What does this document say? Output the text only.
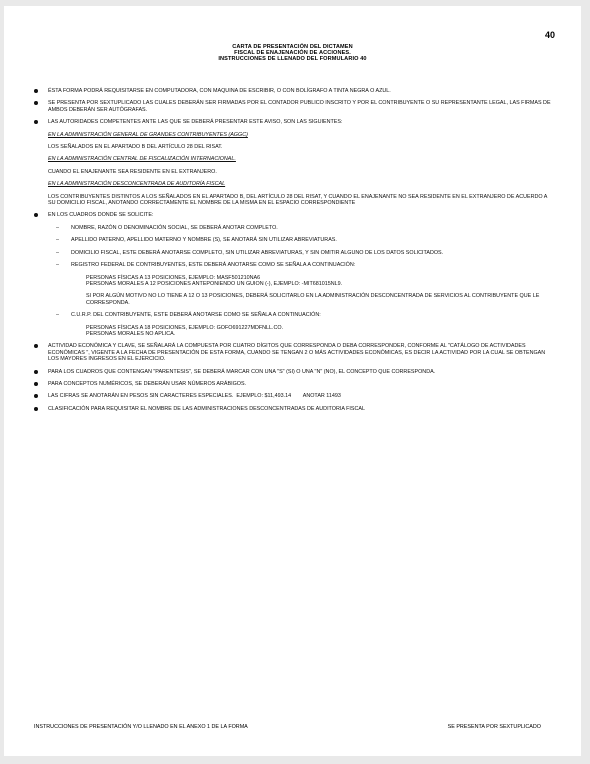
40
CARTA DE PRESENTACIÓN DEL DICTAMEN
FISCAL DE ENAJENACIÓN DE ACCIONES.
INSTRUCCIONES DE LLENADO DEL FORMULARIO 40
ÉSTA FORMA PODRÁ REQUISITARSE EN COMPUTADORA, CON MAQUINA DE ESCRIBIR, O CON BOLÍGRAFO A TINTA NEGRA O AZUL.
SE PRESENTA POR SEXTUPLICADO LAS CUALES DEBERÁN SER FIRMADAS POR EL CONTADOR PUBLICO INSCRITO Y POR EL CONTRIBUYENTE O SU REPRESENTANTE LEGAL, LAS FIRMAS DE AMBOS DEBERÁN SER AUTÓGRAFAS.
LAS AUTORIDADES COMPETENTES ANTE LAS QUE SE DEBERÁ PRESENTAR ESTE AVISO, SON LAS SIGUIENTES:
EN LA ADMINISTRACIÓN GENERAL DE GRANDES CONTRIBUYENTES (AGGC)
LOS SEÑALADOS EN EL APARTADO B DEL ARTÍCULO 28 DEL RISAT.
EN LA ADMINISTRACIÓN CENTRAL DE FISCALIZACIÓN INTERNACIONAL.
CUANDO EL ENAJENANTE SEA RESIDENTE EN EL EXTRANJERO.
EN LA ADMINISTRACIÓN DESCONCENTRADA DE AUDITORÍA FISCAL
LOS CONTRIBUYENTES DISTINTOS A LOS SEÑALADOS EN EL APARTADO B, DEL ARTÍCULO 28 DEL RISAT, Y CUANDO EL ENAJENANTE NO SEA RESIDENTE EN EL EXTRANJERO DE ACUERDO A SU DOMICILIO FISCAL, ANOTANDO CORRECTAMENTE EL NOMBRE DE LA MISMA EN EL ESPACIO CORRESPONDIENTE
EN LOS CUADROS DONDE SE SOLICITE:
– NOMBRE, RAZÓN O DENOMINACIÓN SOCIAL, SE DEBERÁ ANOTAR COMPLETO.
– APELLIDO PATERNO, APELLIDO MATERNO Y NOMBRE (S), SE ANOTARÁ SIN UTILIZAR ABREVIATURAS.
– DOMICILIO FISCAL, ESTE DEBERÁ ANOTARSE COMPLETO, SIN UTILIZAR ABREVIATURAS, Y SIN OMITIR ALGUNO DE LOS DATOS SOLICITADOS.
– REGISTRO FEDERAL DE CONTRIBUYENTES, ESTE DEBERÁ ANOTARSE COMO SE SEÑALA A CONTINUACIÓN:
PERSONAS FÍSICAS A 13 POSICIONES, EJEMPLO: MASF501210NA6
PERSONAS MORALES A 12 POSICIONES ANTEPONIENDO UN GUION (-), EJEMPLO: -MIT681015NL9.
SI POR ALGÚN MOTIVO NO LO TIENE A 12 O 13 POSICIONES, DEBERÁ SOLICITARLO EN LA ADMINISTRACIÓN DESCONCENTRADA DE SERVICIOS AL CONTRIBUYENTE QUE LE CORRESPONDA.
– C.U.R.P. DEL CONTRIBUYENTE, ESTE DEBERÁ ANOTARSE COMO SE SEÑALA A CONTINUACIÓN:
PERSONAS FÍSICAS A 18 POSICIONES, EJEMPLO: GOFO691227MDFNLL.CO.
PERSONAS MORALES NO APLICA.
ACTIVIDAD ECONÓMICA Y CLAVE, SE SEÑALARÁ LA COMPUESTA POR CUATRO DÍGITOS QUE CORRESPONDA O DEBA CORRESPONDER, CONFORME AL "CATÁLOGO DE ACTIVIDADES ECONÓMICAS ", VIGENTE A LA FECHA DE PRESENTACIÓN DE ESTA FORMA, CUANDO SE TENGAN 2 O MÁS ACTIVIDADES ECONÓMICAS, ES DECIR LA ACTIVIDAD POR LA CUAL SE OBTENGAN LOS MAYORES INGRESOS EN EL EJERCICIO.
PARA LOS CUADROS QUE CONTENGAN "PARENTESIS", SE DEBERÁ MARCAR CON UNA "S" (SI) O UNA "N" (NO), EL CONCEPTO QUE CORRESPONDA.
PARA CONCEPTOS NUMÉRICOS, SE DEBERÁN USAR NÚMEROS ARÁBIGOS.
LAS CIFRAS SE ANOTARÁN EN PESOS SIN CARACTERES ESPECIALES.  EJEMPLO: $11,493.14        ANOTAR 11493
CLASIFICACIÓN PARA REQUISITAR EL NOMBRE DE LAS ADMINISTRACIONES DESCONCENTRADAS DE AUDITORIA FISCAL
INSTRUCCIONES DE PRESENTACIÓN Y/O LLENADO EN EL ANEXO 1 DE LA FORMA	SE PRESENTA POR SEXTUPLICADO
